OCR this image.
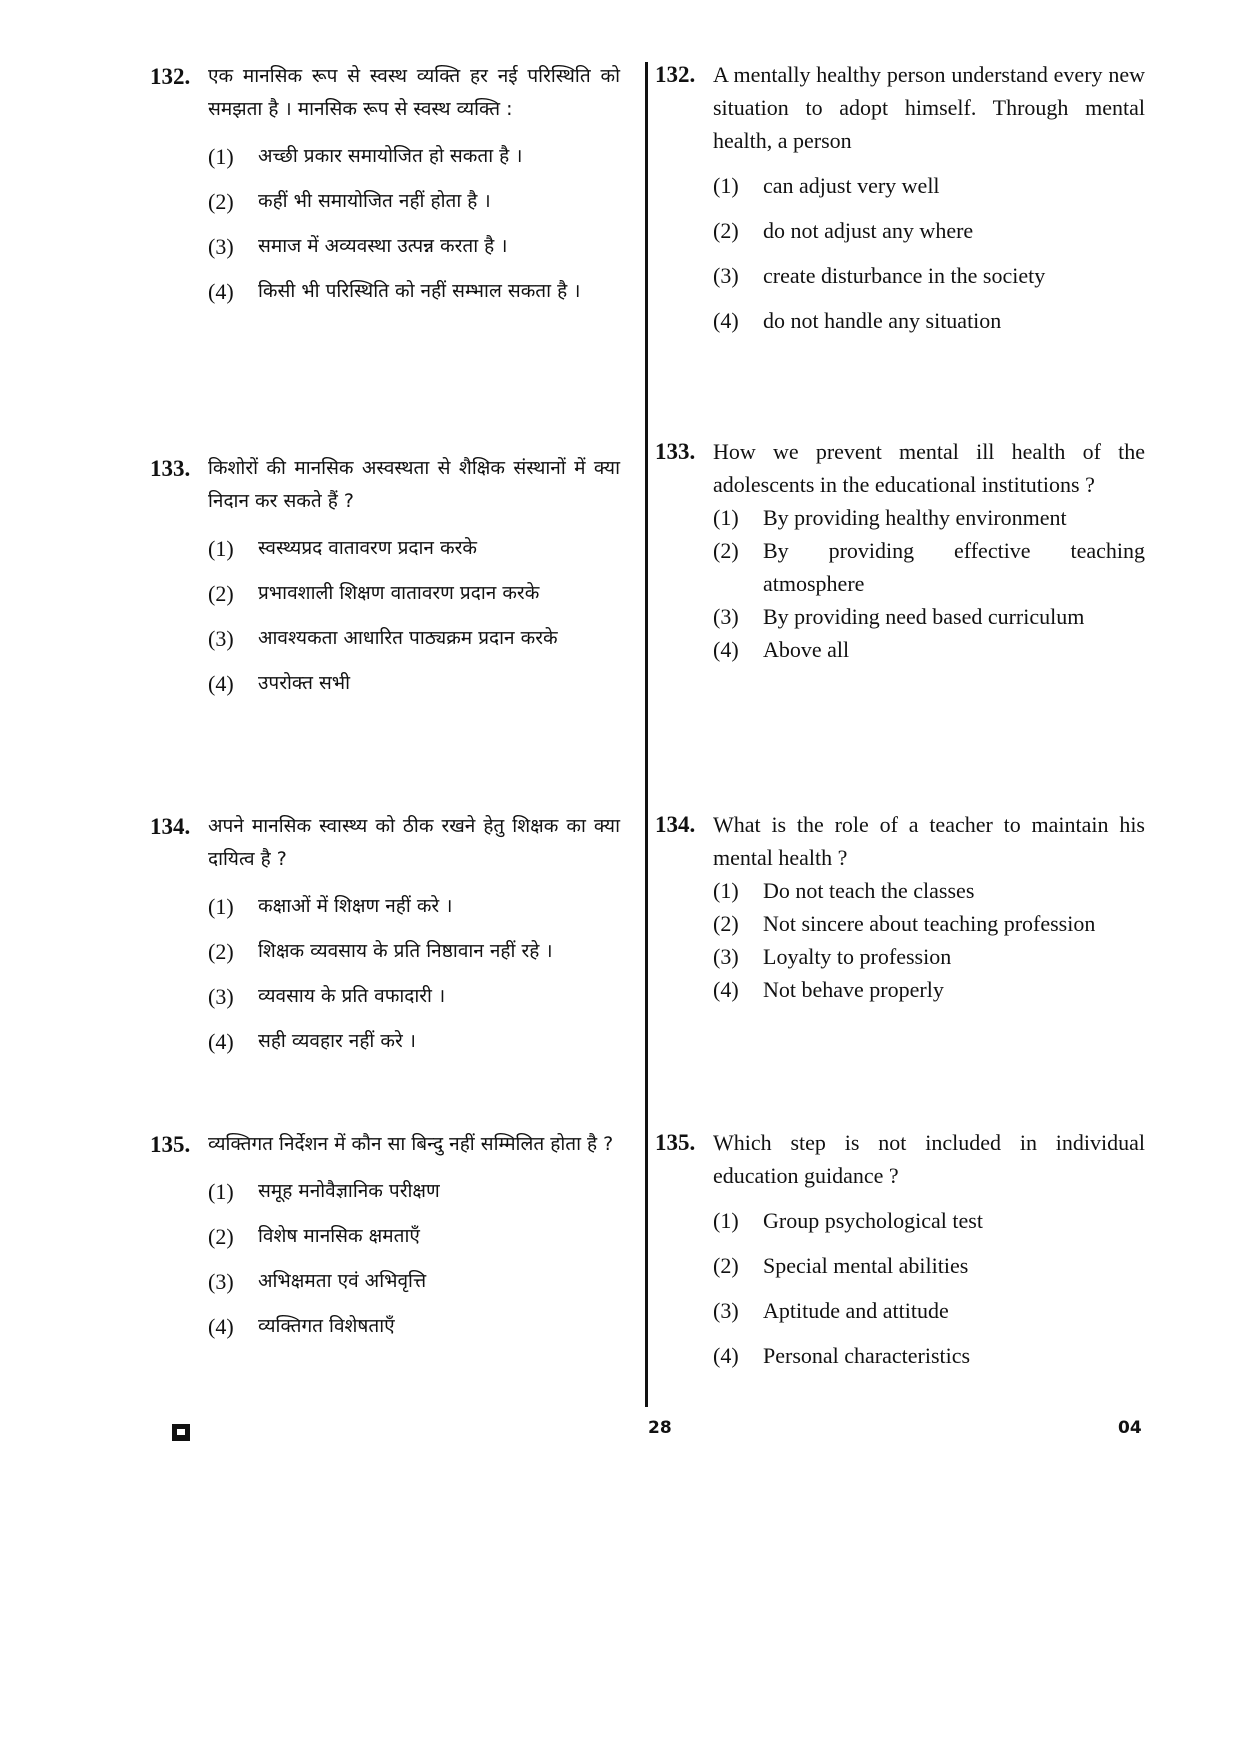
132. एक मानसिक रूप से स्वस्थ व्यक्ति हर नई परिस्थिति को समझता है । मानसिक रूप से स्वस्थ व्यक्ति :
(1)	अच्छी प्रकार समायोजित हो सकता है ।
(2)	कहीं भी समायोजित नहीं होता है ।
(3)	समाज में अव्यवस्था उत्पन्न करता है ।
(4)	किसी भी परिस्थिति को नहीं सम्भाल सकता है ।
133. किशोरों की मानसिक अस्वस्थता से शैक्षिक संस्थानों में क्या निदान कर सकते हैं ?
(1)	स्वस्थ्यप्रद वातावरण प्रदान करके
(2)	प्रभावशाली शिक्षण वातावरण प्रदान करके
(3)	आवश्यकता आधारित पाठ्यक्रम प्रदान करके
(4)	उपरोक्त सभी
134. अपने मानसिक स्वास्थ्य को ठीक रखने हेतु शिक्षक का क्या दायित्व है ?
(1)	कक्षाओं में शिक्षण नहीं करे ।
(2)	शिक्षक व्यवसाय के प्रति निष्ठावान नहीं रहे ।
(3)	व्यवसाय के प्रति वफादारी ।
(4)	सही व्यवहार नहीं करे ।
135. व्यक्तिगत निर्देशन में कौन सा बिन्दु नहीं सम्मिलित होता है ?
(1)	समूह मनोवैज्ञानिक परीक्षण
(2)	विशेष मानसिक क्षमताएँ
(3)	अभिक्षमता एवं अभिवृत्ति
(4)	व्यक्तिगत विशेषताएँ
132. A mentally healthy person understand every new situation to adopt himself. Through mental health, a person
(1)	can adjust very well
(2)	do not adjust any where
(3)	create disturbance in the society
(4)	do not handle any situation
133. How we prevent mental ill health of the adolescents in the educational institutions ?
(1)	By providing healthy environment
(2)	By providing effective teaching atmosphere
(3)	By providing need based curriculum
(4)	Above all
134. What is the role of a teacher to maintain his mental health ?
(1)	Do not teach the classes
(2)	Not sincere about teaching profession
(3)	Loyalty to profession
(4)	Not behave properly
135. Which step is not included in individual education guidance ?
(1)	Group psychological test
(2)	Special mental abilities
(3)	Aptitude and attitude
(4)	Personal characteristics
28	04
